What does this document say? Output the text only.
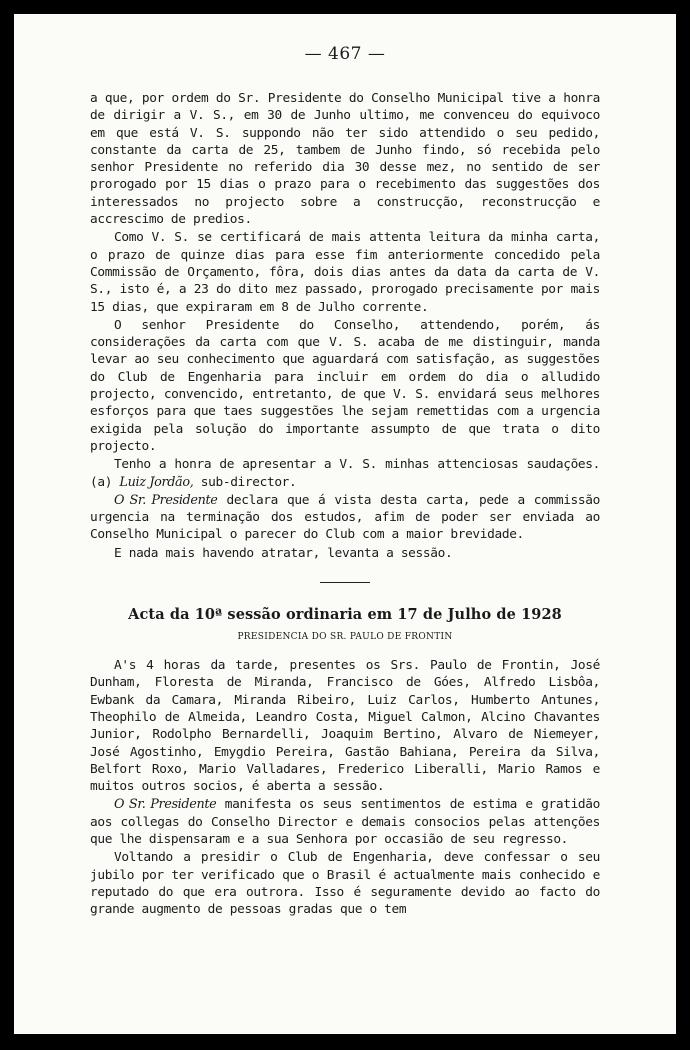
— 467 —

a que, por ordem do Sr. Presidente do Conselho Municipal tive a honra de dirigir a V. S., em 30 de Junho ultimo, me convenceu do equivoco em que está V. S. suppondo não ter sido attendido o seu pedido, constante da carta de 25, tambem de Junho findo, só recebida pelo senhor Presidente no referido dia 30 desse mez, no sentido de ser prorogado por 15 dias o prazo para o recebimento das suggestões dos interessados no projecto sobre a construcção, reconstrucção e accrescimo de predios.

Como V. S. se certificará de mais attenta leitura da minha carta, o prazo de quinze dias para esse fim anteriormente concedido pela Commissão de Orçamento, fôra, dois dias antes da data da carta de V. S., isto é, a 23 do dito mez passado, prorogado precisamente por mais 15 dias, que expiraram em 8 de Julho corrente.

O senhor Presidente do Conselho, attendendo, porém, ás considerações da carta com que V. S. acaba de me distinguir, manda levar ao seu conhecimento que aguardará com satisfação, as suggestões do Club de Engenharia para incluir em ordem do dia o alludido projecto, convencido, entretanto, de que V. S. envidará seus melhores esforços para que taes suggestões lhe sejam remettidas com a urgencia exigida pela solução do importante assumpto de que trata o dito projecto.

Tenho a honra de apresentar a V. S. minhas attenciosas saudações. (a) Luiz Jordão, sub-director.

O Sr. Presidente declara que á vista desta carta, pede a commissão urgencia na terminação dos estudos, afim de poder ser enviada ao Conselho Municipal o parecer do Club com a maior brevidade.

E nada mais havendo atratar, levanta a sessão.

Acta da 10ª sessão ordinaria em 17 de Julho de 1928
PRESIDENCIA DO SR. PAULO DE FRONTIN

A's 4 horas da tarde, presentes os Srs. Paulo de Frontin, José Dunham, Floresta de Miranda, Francisco de Góes, Alfredo Lisbôa, Ewbank da Camara, Miranda Ribeiro, Luiz Carlos, Humberto Antunes, Theophilo de Almeida, Leandro Costa, Miguel Calmon, Alcino Chavantes Junior, Rodolpho Bernardelli, Joaquim Bertino, Alvaro de Niemeyer, José Agostinho, Emygdio Pereira, Gastão Bahiana, Pereira da Silva, Belfort Roxo, Mario Valladares, Frederico Liberalli, Mario Ramos e muitos outros socios, é aberta a sessão.

O Sr. Presidente manifesta os seus sentimentos de estima e gratidão aos collegas do Conselho Director e demais consocios pelas attenções que lhe dispensaram e a sua Senhora por occasião de seu regresso.

Voltando a presidir o Club de Engenharia, deve confessar o seu jubilo por ter verificado que o Brasil é actualmente mais conhecido e reputado do que era outrora. Isso é seguramente devido ao facto do grande augmento de pessoas gradas que o tem
